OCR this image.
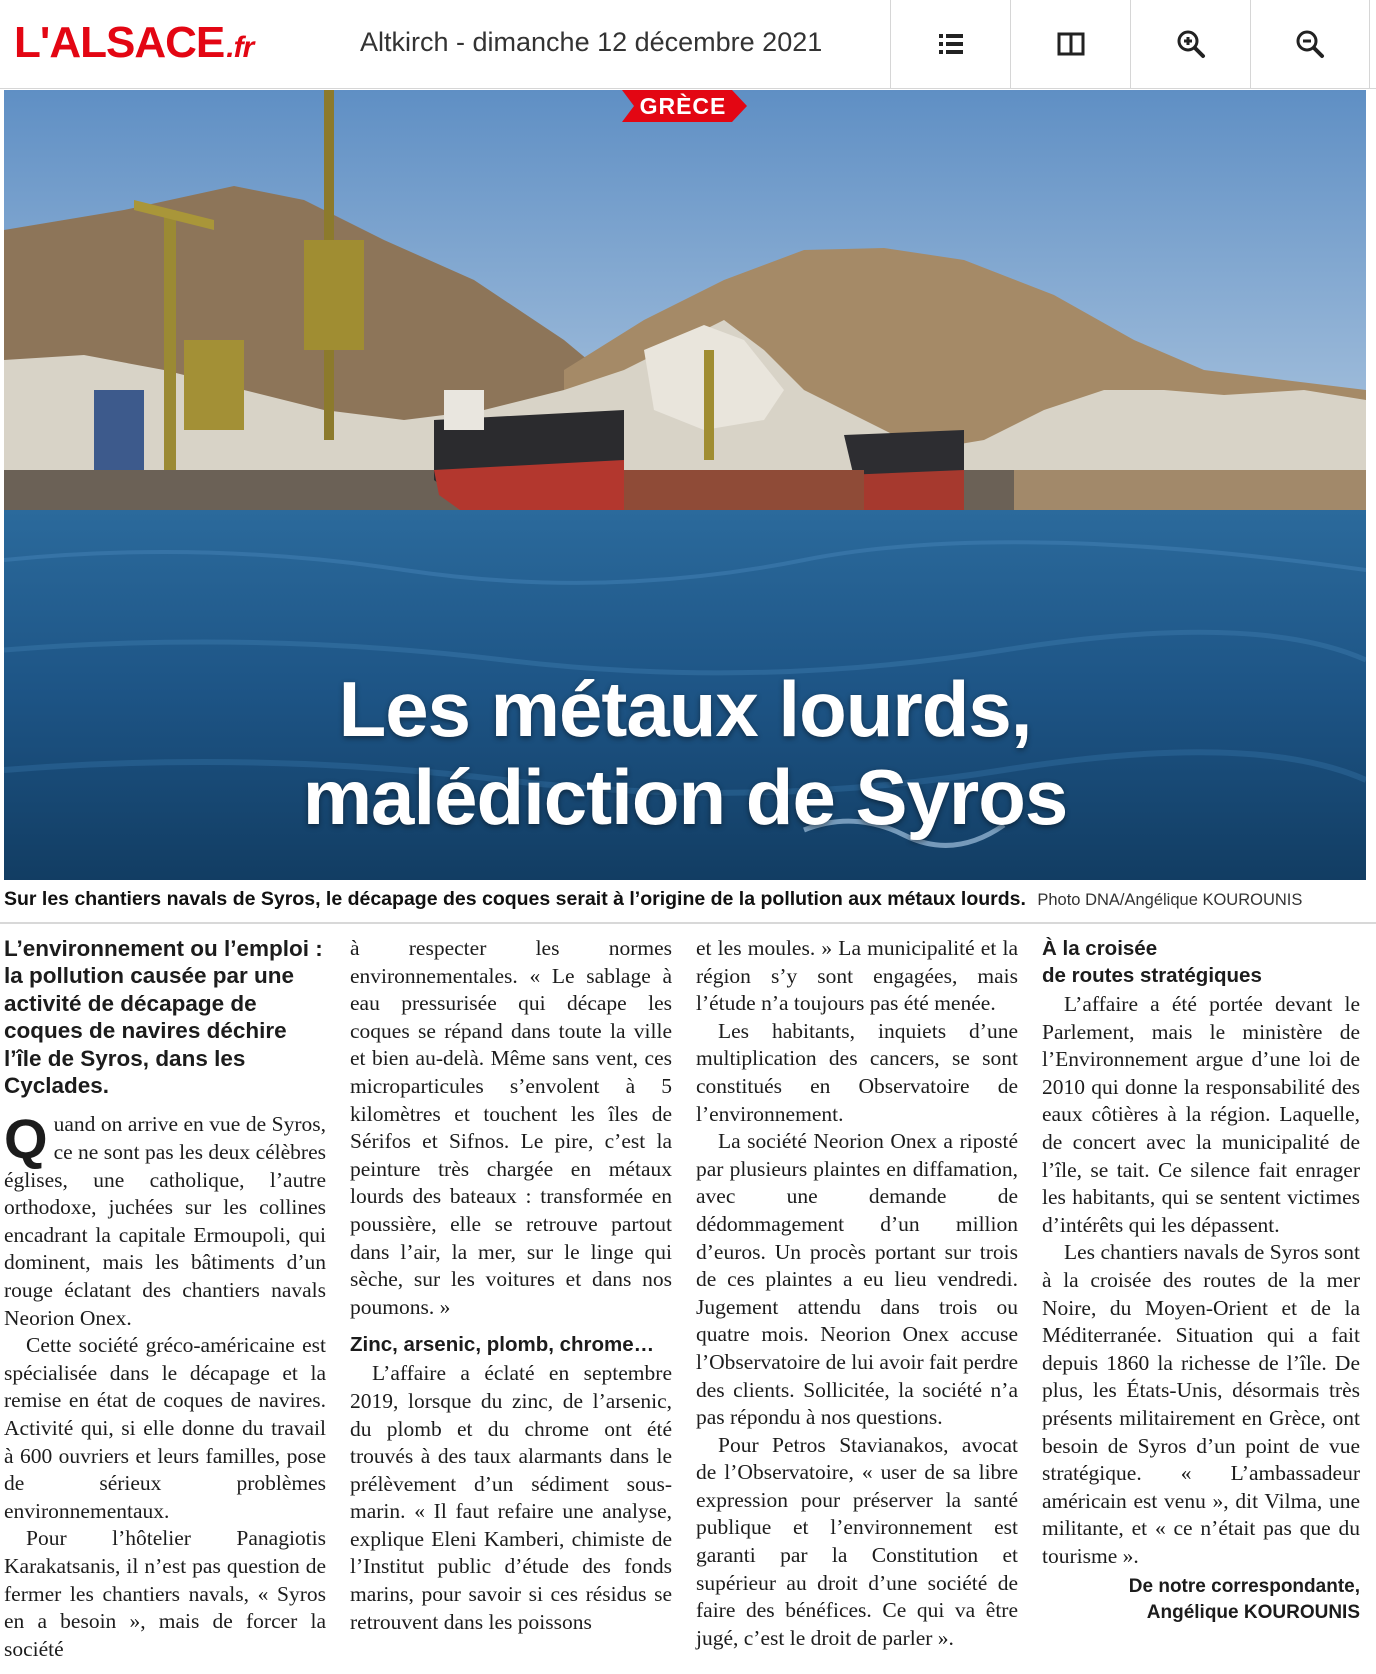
L'ALSACE.fr	Altkirch - dimanche 12 décembre 2021
GRÈCE
Les métaux lourds,
malédiction de Syros
Sur les chantiers navals de Syros, le décapage des coques serait à l’origine de la pollution aux métaux lourds. Photo DNA/Angélique KOUROUNIS
L’environnement ou l’emploi : la pollution causée par une activité de décapage de coques de navires déchire l’île de Syros, dans les Cyclades.

Quand on arrive en vue de Syros, ce ne sont pas les deux célèbres églises, une catholique, l’autre orthodoxe, juchées sur les collines encadrant la capitale Ermoupoli, qui dominent, mais les bâtiments d’un rouge éclatant des chantiers navals Neorion Onex.

Cette société gréco-américaine est spécialisée dans le décapage et la remise en état de coques de navires. Activité qui, si elle donne du travail à 600 ouvriers et leurs familles, pose de sérieux problèmes environnementaux.

Pour l’hôtelier Panagiotis Karakatsanis, il n’est pas question de fermer les chantiers navals, « Syros en a besoin », mais de forcer la société

à respecter les normes environnementales. « Le sablage à eau pressurisée qui décape les coques se répand dans toute la ville et bien au-delà. Même sans vent, ces microparticules s’envolent à 5 kilomètres et touchent les îles de Sérifos et Sifnos. Le pire, c’est la peinture très chargée en métaux lourds des bateaux : transformée en poussière, elle se retrouve partout dans l’air, la mer, sur le linge qui sèche, sur les voitures et dans nos poumons. »

Zinc, arsenic, plomb, chrome…

L’affaire a éclaté en septembre 2019, lorsque du zinc, de l’arsenic, du plomb et du chrome ont été trouvés à des taux alarmants dans le prélèvement d’un sédiment sous-marin. « Il faut refaire une analyse, explique Eleni Kamberi, chimiste de l’Institut public d’étude des fonds marins, pour savoir si ces résidus se retrouvent dans les poissons

et les moules. » La municipalité et la région s’y sont engagées, mais l’étude n’a toujours pas été menée.

Les habitants, inquiets d’une multiplication des cancers, se sont constitués en Observatoire de l’environnement.

La société Neorion Onex a riposté par plusieurs plaintes en diffamation, avec une demande de dédommagement d’un million d’euros. Un procès portant sur trois de ces plaintes a eu lieu vendredi. Jugement attendu dans trois ou quatre mois. Neorion Onex accuse l’Observatoire de lui avoir fait perdre des clients. Sollicitée, la société n’a pas répondu à nos questions.

Pour Petros Stavianakos, avocat de l’Observatoire, « user de sa libre expression pour préserver la santé publique et l’environnement est garanti par la Constitution et supérieur au droit d’une société de faire des bénéfices. Ce qui va être jugé, c’est le droit de parler ».

À la croisée
de routes stratégiques

L’affaire a été portée devant le Parlement, mais le ministère de l’Environnement argue d’une loi de 2010 qui donne la responsabilité des eaux côtières à la région. Laquelle, de concert avec la municipalité de l’île, se tait. Ce silence fait enrager les habitants, qui se sentent victimes d’intérêts qui les dépassent.

Les chantiers navals de Syros sont à la croisée des routes de la mer Noire, du Moyen-Orient et de la Méditerranée. Situation qui a fait depuis 1860 la richesse de l’île. De plus, les États-Unis, désormais très présents militairement en Grèce, ont besoin de Syros d’un point de vue stratégique. « L’ambassadeur américain est venu », dit Vilma, une militante, et « ce n’était pas que du tourisme ».

De notre correspondante,
Angélique KOUROUNIS
